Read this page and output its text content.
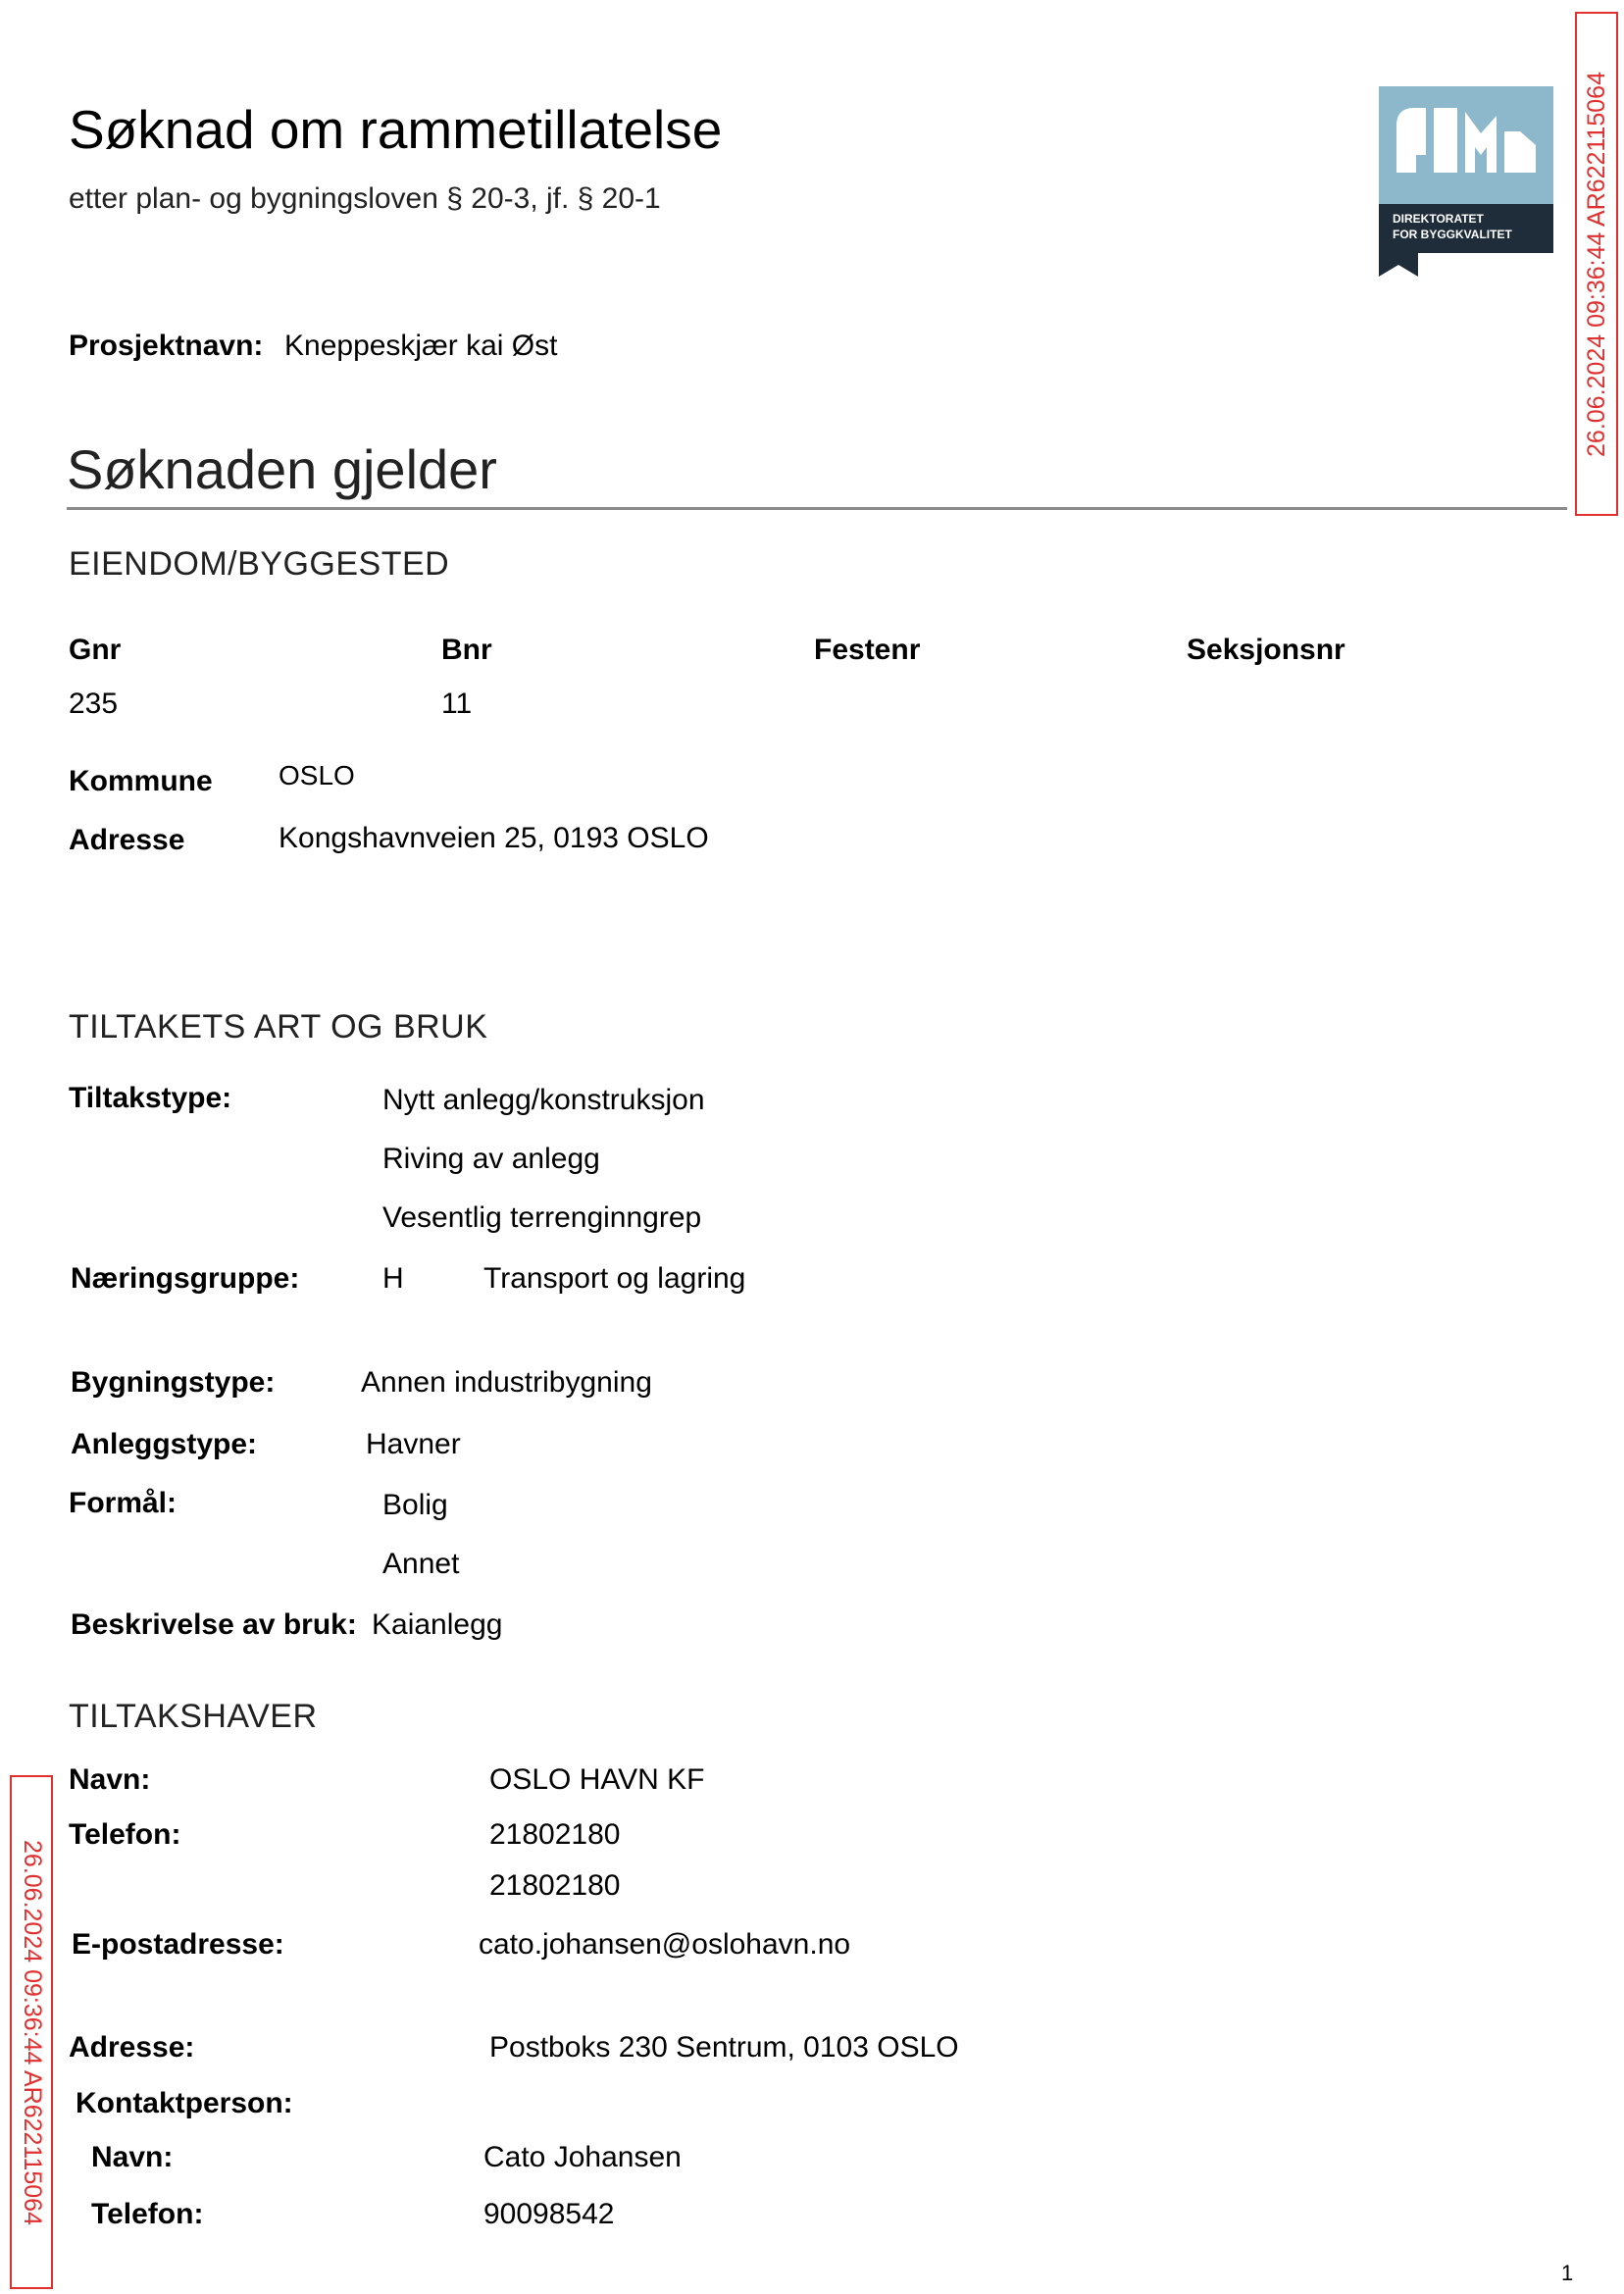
Søknad om rammetillatelse
etter plan- og bygningsloven § 20-3, jf. § 20-1
DIREKTORATET
FOR BYGGKVALITET	26.06.2024 09:36:44 AR622115064
Prosjektnavn: Kneppeskjær kai Øst
Søknaden gjelder
EIENDOM/BYGGESTED
Gnr	Bnr	Festenr	Seksjonsnr
235	11
Kommune OSLO
Adresse	Kongshavnveien 25, 0193 OSLO
TILTAKETS ART OG BRUK
Tiltakstype:	Nytt anlegg/konstruksjon
Riving av anlegg
Vesentlig terrenginngrep
Næringsgruppe:	H	Transport og lagring
Bygningstype:	Annen industribygning
Anleggstype:	Havner
Formål:	Bolig
Annet
Beskrivelse av bruk: Kaianlegg
TILTAKSHAVER
Navn:	OSLO HAVN KF
Telefon:	21802180
21802180
E-postadresse:	cato.johansen@oslohavn.no
Adresse:	Postboks 230 Sentrum, 0103 OSLO
Kontaktperson:
Navn:	Cato Johansen
Telefon:	90098542
26.06.2024 09:36:44 AR622115064
1
